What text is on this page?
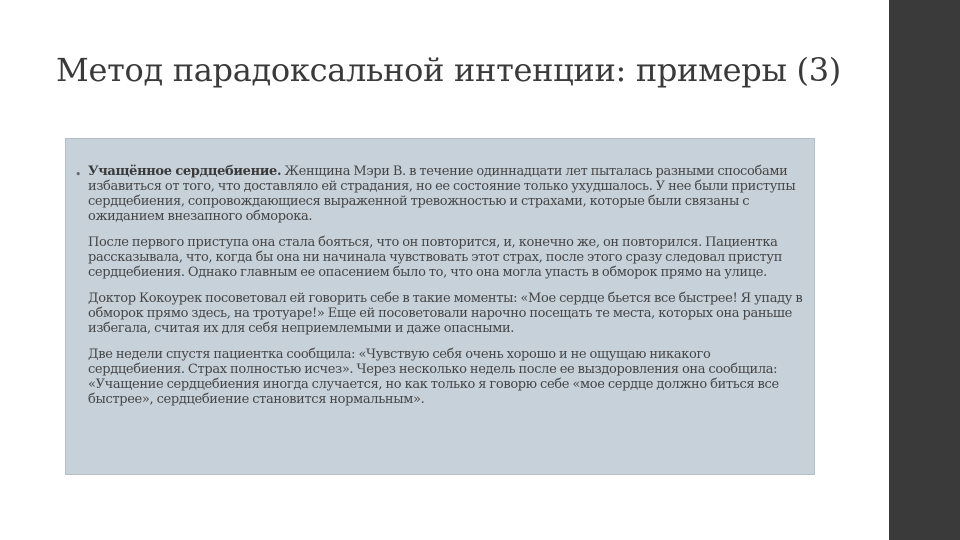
Метод парадоксальной интенции: примеры (3)
• Учащённое сердцебиение. Женщина Мэри В. в течение одиннадцати лет пыталась разными способами избавиться от того, что доставляло ей страдания, но ее состояние только ухудшалось. У нее были приступы сердцебиения, сопровождающиеся выраженной тревожностью и страхами, которые были связаны с ожиданием внезапного обморока.

После первого приступа она стала бояться, что он повторится, и, конечно же, он повторился. Пациентка рассказывала, что, когда бы она ни начинала чувствовать этот страх, после этого сразу следовал приступ сердцебиения. Однако главным ее опасением было то, что она могла упасть в обморок прямо на улице.

Доктор Кокоурек посоветовал ей говорить себе в такие моменты: «Мое сердце бьется все быстрее! Я упаду в обморок прямо здесь, на тротуаре!» Еще ей посоветовали нарочно посещать те места, которых она раньше избегала, считая их для себя неприемлемыми и даже опасными.

Две недели спустя пациентка сообщила: «Чувствую себя очень хорошо и не ощущаю никакого сердцебиения. Страх полностью исчез». Через несколько недель после ее выздоровления она сообщила: «Учащение сердцебиения иногда случается, но как только я говорю себе «мое сердце должно биться все быстрее», сердцебиение становится нормальным».
